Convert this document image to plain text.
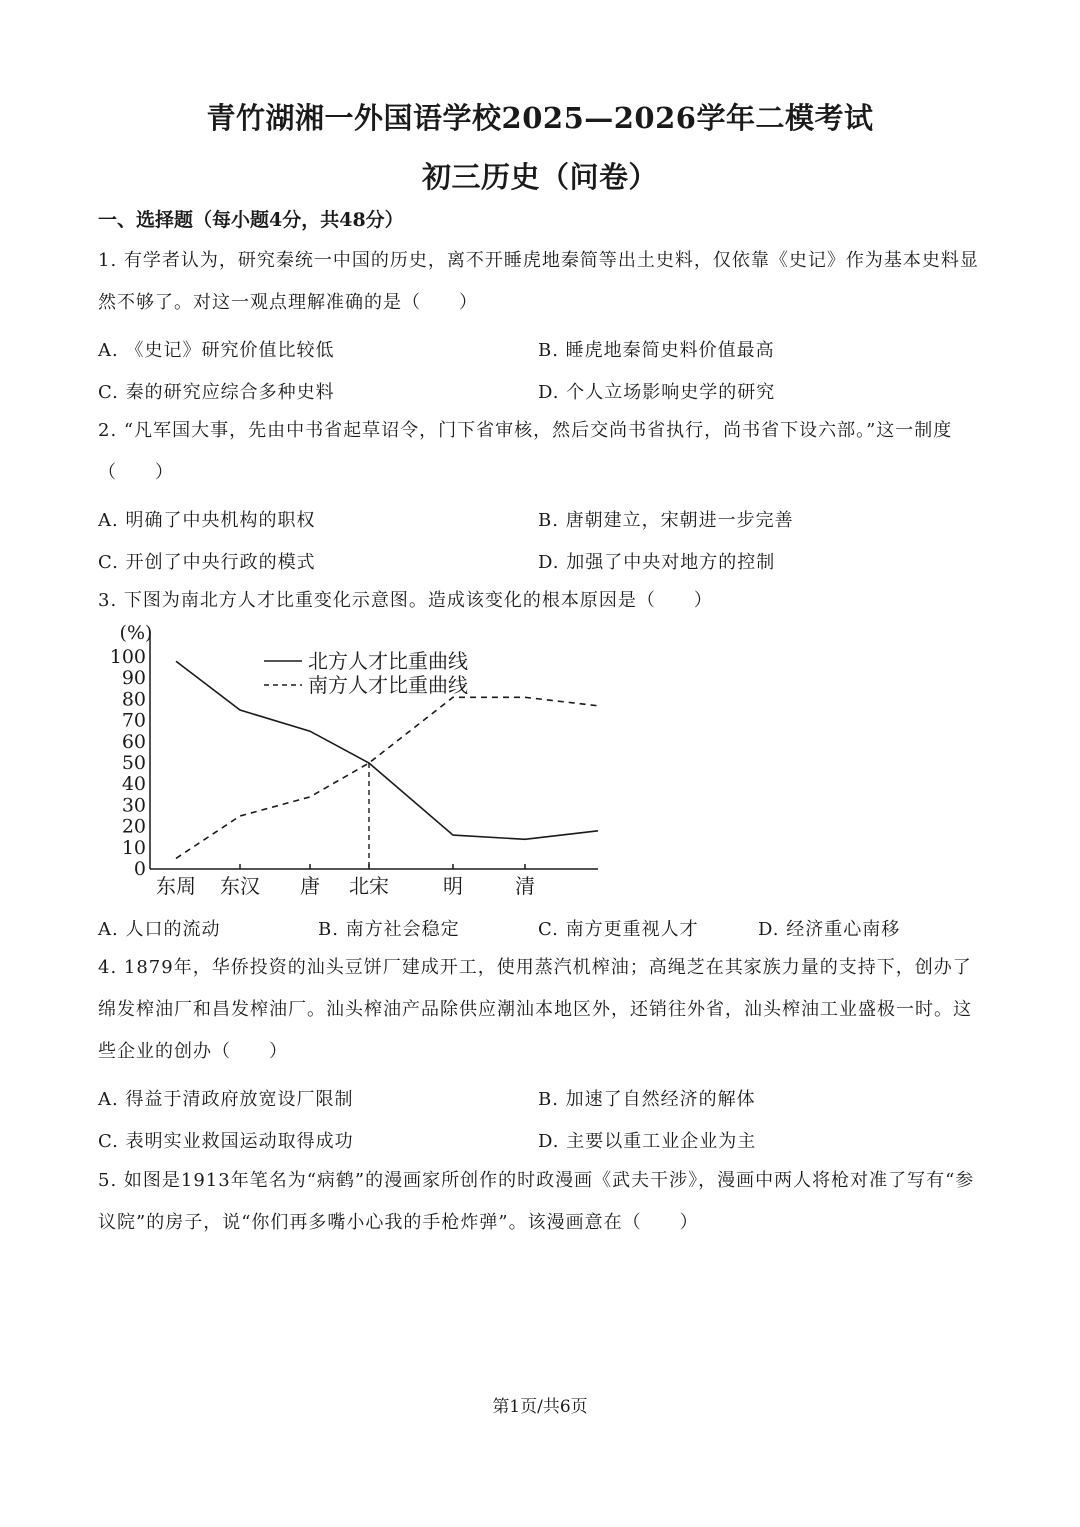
青竹湖湘一外国语学校2025—2026学年二模考试
初三历史（问卷）
一、选择题（每小题4分，共48分）
1. 有学者认为，研究秦统一中国的历史，离不开睡虎地秦简等出土史料，仅依靠《史记》作为基本史料显然不够了。对这一观点理解准确的是（　　）
A. 《史记》研究价值比较低	B. 睡虎地秦简史料价值最高
C. 秦的研究应综合多种史料	D. 个人立场影响史学的研究
2. “凡军国大事，先由中书省起草诏令，门下省审核，然后交尚书省执行，尚书省下设六部。”这一制度（　　）
A. 明确了中央机构的职权	B. 唐朝建立，宋朝进一步完善
C. 开创了中央行政的模式	D. 加强了中央对地方的控制
3. 下图为南北方人才比重变化示意图。造成该变化的根本原因是（　　）
(%)
0
10
20
30
40
50
60
70
80
90
100
东周 东汉 唐 北宋	明	清
北方人才比重曲线
南方人才比重曲线
A. 人口的流动	B. 南方社会稳定	C. 南方更重视人才	D. 经济重心南移
4. 1879年，华侨投资的汕头豆饼厂建成开工，使用蒸汽机榨油；高绳芝在其家族力量的支持下，创办了绵发榨油厂和昌发榨油厂。汕头榨油产品除供应潮汕本地区外，还销往外省，汕头榨油工业盛极一时。这些企业的创办（　　）
A. 得益于清政府放宽设厂限制	B. 加速了自然经济的解体
C. 表明实业救国运动取得成功	D. 主要以重工业企业为主
5. 如图是1913年笔名为“病鹤”的漫画家所创作的时政漫画《武夫干涉》，漫画中两人将枪对准了写有“参议院”的房子，说“你们再多嘴小心我的手枪炸弹”。该漫画意在（　　）
第1页/共6页
